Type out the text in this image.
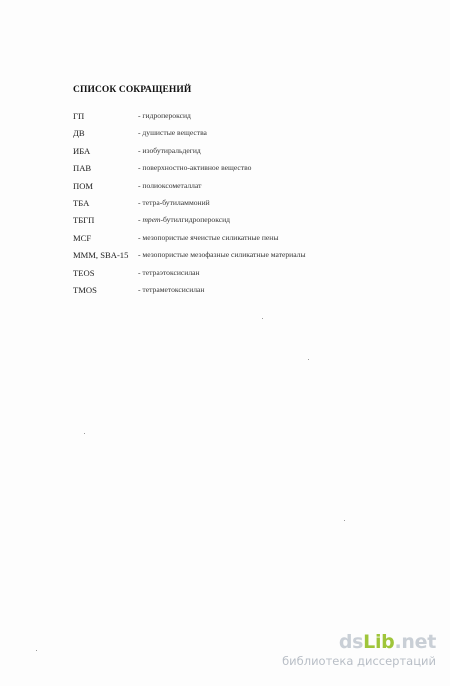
СПИСОК СОКРАЩЕНИЙ
ГП	- гидропероксид
ДВ	- душистые вещества
ИБА	- изобутиральдегид
ПАВ	- поверхностно-активное вещество
ПОМ	- полиоксометаллат
ТБА	- тетра-бутиламмоний
ТБГП	- трет-бутилгидропероксид
MCF	- мезопористые ячеистые силикатные пены
MMM, SBA-15	- мезопористые мезофазные силикатные материалы
TEOS	- тетраэтоксисилан
TMOS	- тетраметоксисилан
dsLib.net
библиотека диссертаций
